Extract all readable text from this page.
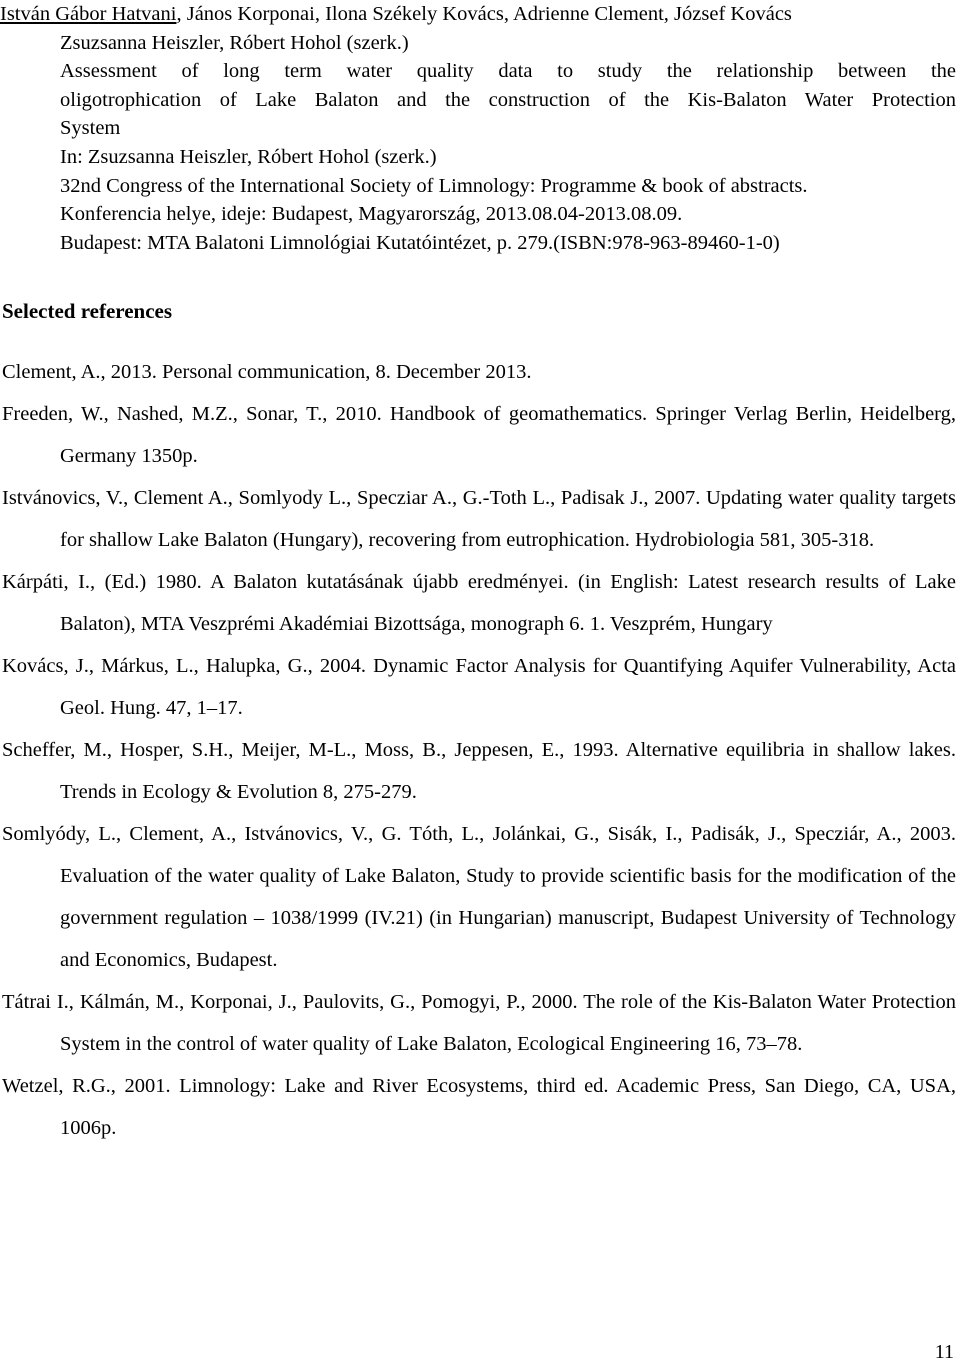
István Gábor Hatvani, János Korponai, Ilona Székely Kovács, Adrienne Clement, József Kovács
Zsuzsanna Heiszler, Róbert Hohol (szerk.)
Assessment of long term water quality data to study the relationship between the
oligotrophication of Lake Balaton and the construction of the Kis-Balaton Water Protection
System
In: Zsuzsanna Heiszler, Róbert Hohol (szerk.)
32nd Congress of the International Society of Limnology: Programme & book of abstracts.
Konferencia helye, ideje: Budapest, Magyarország, 2013.08.04-2013.08.09.
Budapest: MTA Balatoni Limnológiai Kutatóintézet, p. 279.(ISBN:978-963-89460-1-0)
Selected references
Clement, A., 2013. Personal communication, 8. December 2013.
Freeden, W., Nashed, M.Z., Sonar, T., 2010. Handbook of geomathematics. Springer Verlag Berlin, Heidelberg, Germany 1350p.
Istvánovics, V., Clement A., Somlyody L., Specziar A., G.-Toth L., Padisak J., 2007. Updating water quality targets for shallow Lake Balaton (Hungary), recovering from eutrophication. Hydrobiologia 581, 305-318.
Kárpáti, I., (Ed.) 1980. A Balaton kutatásának újabb eredményei. (in English: Latest research results of Lake Balaton), MTA Veszprémi Akadémiai Bizottsága, monograph 6. 1. Veszprém, Hungary
Kovács, J., Márkus, L., Halupka, G., 2004. Dynamic Factor Analysis for Quantifying Aquifer Vulnerability, Acta Geol. Hung. 47, 1–17.
Scheffer, M., Hosper, S.H., Meijer, M-L., Moss, B., Jeppesen, E., 1993. Alternative equilibria in shallow lakes. Trends in Ecology & Evolution 8, 275-279.
Somlyódy, L., Clement, A., Istvánovics, V., G. Tóth, L., Jolánkai, G., Sisák, I., Padisák, J., Specziár, A., 2003. Evaluation of the water quality of Lake Balaton, Study to provide scientific basis for the modification of the government regulation – 1038/1999 (IV.21) (in Hungarian) manuscript, Budapest University of Technology and Economics, Budapest.
Tátrai I., Kálmán, M., Korponai, J., Paulovits, G., Pomogyi, P., 2000. The role of the Kis-Balaton Water Protection System in the control of water quality of Lake Balaton, Ecological Engineering 16, 73–78.
Wetzel, R.G., 2001. Limnology: Lake and River Ecosystems, third ed. Academic Press, San Diego, CA, USA, 1006p.
11
